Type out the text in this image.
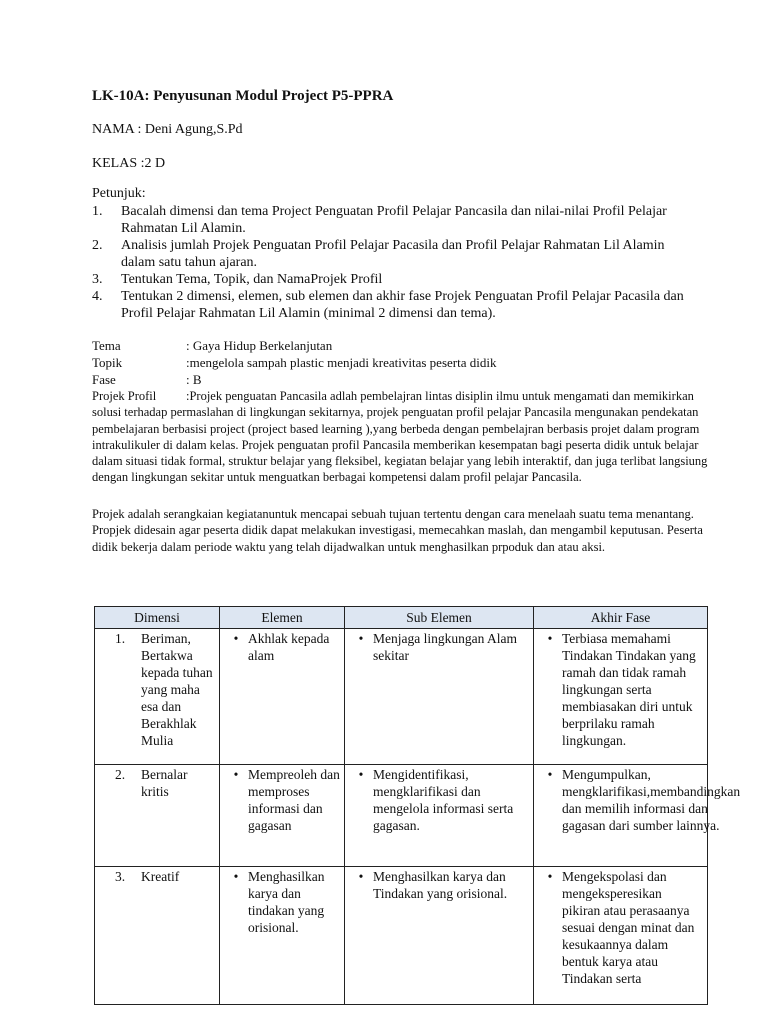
LK-10A: Penyusunan Modul Project P5-PPRA
NAMA : Deni Agung,S.Pd
KELAS :2 D
Petunjuk:
1.	Bacalah dimensi dan tema Project Penguatan Profil Pelajar Pancasila dan nilai-nilai Profil Pelajar Rahmatan Lil Alamin.
2.	Analisis jumlah Projek Penguatan Profil Pelajar Pacasila dan Profil Pelajar Rahmatan Lil Alamin dalam satu tahun ajaran.
3.	Tentukan Tema, Topik, dan NamaProjek Profil
4.	Tentukan 2 dimensi, elemen, sub elemen dan akhir fase Projek Penguatan Profil Pelajar Pacasila dan Profil Pelajar Rahmatan Lil Alamin (minimal 2 dimensi dan tema).
Tema	: Gaya Hidup Berkelanjutan
Topik	:mengelola sampah plastic menjadi kreativitas peserta didik
Fase	: B
Projek Profil :Projek penguatan Pancasila adlah pembelajran lintas disiplin ilmu untuk mengamati dan memikirkan solusi terhadap permaslahan di lingkungan sekitarnya, projek penguatan profil pelajar Pancasila mengunakan pendekatan pembelajaran berbasisi project (project based learning ),yang berbeda dengan pembelajran berbasis projet dalam program intrakulikuler di dalam kelas. Projek penguatan profil Pancasila memberikan kesempatan bagi peserta didik untuk belajar dalam situasi tidak formal, struktur belajar yang fleksibel, kegiatan belajar yang lebih interaktif, dan juga terlibat langsiung dengan lingkungan sekitar untuk menguatkan berbagai kompetensi dalam profil pelajar Pancasila.
Projek adalah serangkaian kegiatanuntuk mencapai sebuah tujuan tertentu dengan cara menelaah suatu tema menantang. Propjek didesain agar peserta didik dapat melakukan investigasi, memecahkan maslah, dan mengambil keputusan. Peserta didik bekerja dalam periode waktu yang telah dijadwalkan untuk menghasilkan prpoduk dan atau aksi.
Dimensi	Elemen	Sub Elemen	Akhir Fase

1. Beriman, Bertakwa kepada tuhan yang maha esa dan Berakhlak Mulia	• Akhlak kepada alam	• Menjaga lingkungan Alam sekitar	• Terbiasa memahami Tindakan Tindakan yang ramah dan tidak ramah lingkungan serta membiasakan diri untuk berprilaku ramah lingkungan.

2. Bernalar kritis	• Mempreoleh dan memproses informasi dan gagasan	• Mengidentifikasi, mengklarifikasi dan mengelola informasi serta gagasan.	• Mengumpulkan, mengklarifikasi,membandingkan dan memilih informasi dan gagasan dari sumber lainnya.

3. Kreatif	• Menghasilkan karya dan tindakan yang orisional.	• Menghasilkan karya dan Tindakan yang orisional.	• Mengekspolasi dan mengeksperesikan pikiran atau perasaanya sesuai dengan minat dan kesukaannya dalam bentuk karya atau Tindakan serta
